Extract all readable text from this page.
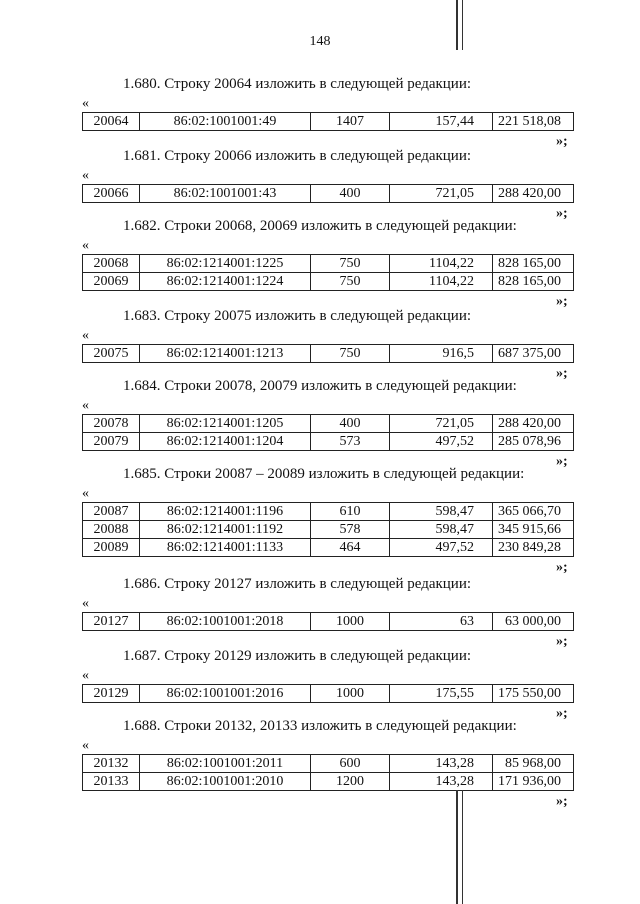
148
1.680. Строку 20064 изложить в следующей редакции:
«
20064	86:02:1001001:49	1407	157,44	221 518,08
»;
1.681. Строку 20066 изложить в следующей редакции:
«
20066	86:02:1001001:43	400	721,05	288 420,00
»;
1.682. Строки 20068, 20069 изложить в следующей редакции:
«
20068	86:02:1214001:1225	750	1104,22	828 165,00
20069	86:02:1214001:1224	750	1104,22	828 165,00
»;
1.683. Строку 20075 изложить в следующей редакции:
«
20075	86:02:1214001:1213	750	916,5	687 375,00
»;
1.684. Строки 20078, 20079 изложить в следующей редакции:
«
20078	86:02:1214001:1205	400	721,05	288 420,00
20079	86:02:1214001:1204	573	497,52	285 078,96
»;
1.685. Строки 20087 – 20089 изложить в следующей редакции:
«
20087	86:02:1214001:1196	610	598,47	365 066,70
20088	86:02:1214001:1192	578	598,47	345 915,66
20089	86:02:1214001:1133	464	497,52	230 849,28
»;
1.686. Строку 20127 изложить в следующей редакции:
«
20127	86:02:1001001:2018	1000	63	63 000,00
»;
1.687. Строку 20129 изложить в следующей редакции:
«
20129	86:02:1001001:2016	1000	175,55	175 550,00
»;
1.688. Строки 20132, 20133 изложить в следующей редакции:
«
20132	86:02:1001001:2011	600	143,28	85 968,00
20133	86:02:1001001:2010	1200	143,28	171 936,00
»;
